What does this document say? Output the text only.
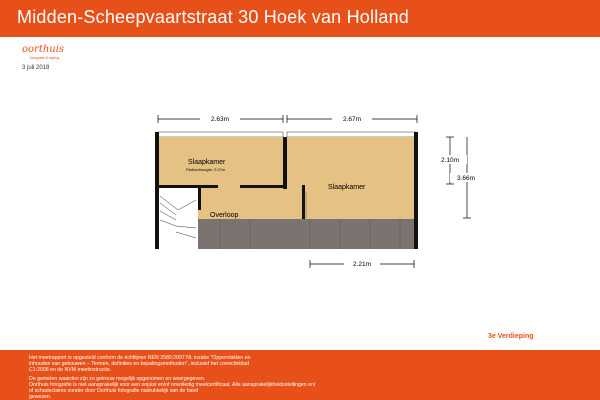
Midden-Scheepvaartstraat 30 Hoek van Holland
oorthuis
fotografie & styling
3 juli 2018
2.63m	2.67m
Slaapkamer
Plafondhoogte: 2.07m
Slaapkamer
Overloop
2.10m
3.66m
2.21m
3e Verdieping

Het meetrapport is opgesteld conform de richtlijnen NEN 2580:2007 NL inzake "Oppervlakten en

inhouden van gebouwen – Termen, definities en bepalingsmethoden", inclusief het correctieblad

C1:2008 en de NVM meetinstructie.

De gemeten waarden zijn zo getrouw mogelijk opgenomen en weergegeven.

Oorthuis fotografie is niet aansprakelijk voor een onjuist en/of onvolledig meetcertificaat. Alle aansprakelijkheidsstellingen en/

of schadeclaims zonder door Oorthuis fotografie nadrukkelijk van de hand

gewezen.
